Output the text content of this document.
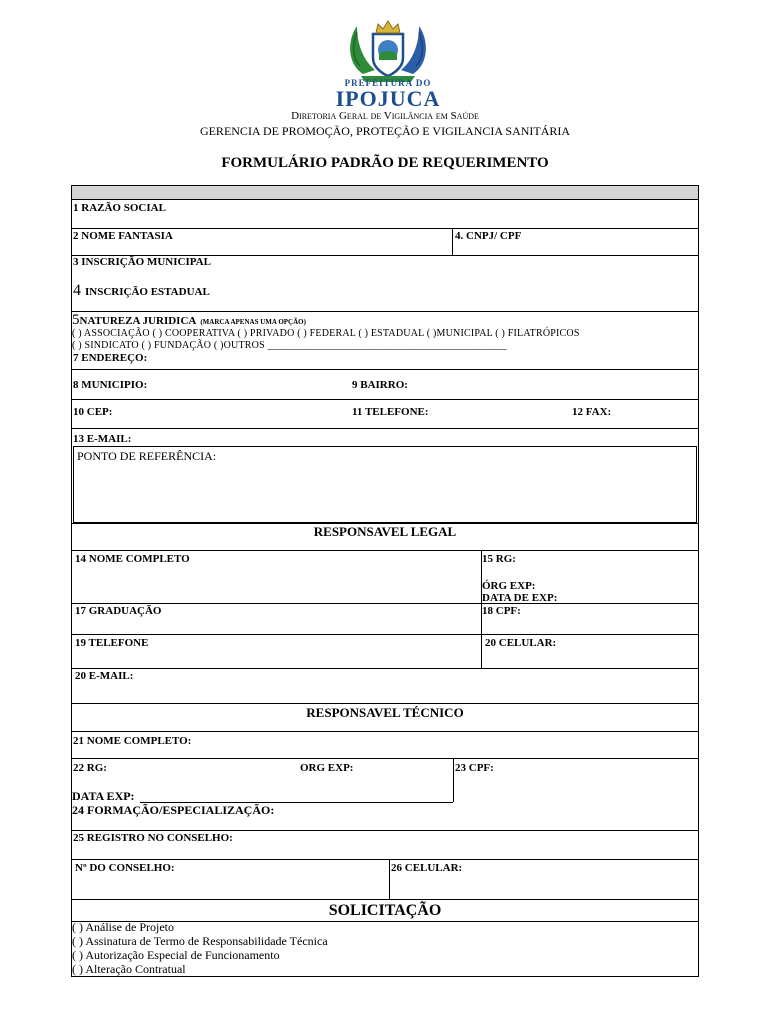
PREFEITURA DO
IPOJUCA
Diretoria Geral de Vigilância em Saúde
GERENCIA DE PROMOÇÃO, PROTEÇÃO E VIGILANCIA SANITÁRIA
FORMULÁRIO PADRÃO DE REQUERIMENTO
1 RAZÃO SOCIAL
2 NOME FANTASIA	4. CNPJ/ CPF
3 INSCRIÇÃO MUNICIPAL
4 INSCRIÇÃO ESTADUAL
5NATUREZA JURIDICA (MARCA APENAS UMA OPÇÃO)
( ) ASSOCIAÇÃO ( ) COOPERATIVA ( ) PRIVADO ( ) FEDERAL ( ) ESTADUAL ( )MUNICIPAL ( ) FILATRÓPICOS
( ) SINDICATO ( ) FUNDAÇÃO ( )OUTROS ______________________________________________
7 ENDEREÇO:
8 MUNICIPIO:	9 BAIRRO:
10 CEP:	11 TELEFONE:	12 FAX:
13 E-MAIL:
PONTO DE REFERÊNCIA:
RESPONSAVEL LEGAL
14 NOME COMPLETO	15 RG:
ÓRG EXP:
DATA DE EXP:
17 GRADUAÇÃO	18 CPF:
19 TELEFONE	20 CELULAR:
20 E-MAIL:
RESPONSAVEL TÉCNICO
21 NOME COMPLETO:
22 RG:	ORG EXP:	23 CPF:
DATA EXP:
24 FORMAÇÃO/ESPECIALIZAÇÃO:
25 REGISTRO NO CONSELHO:
Nº DO CONSELHO:	26 CELULAR:
SOLICITAÇÃO
( ) Análise de Projeto
( ) Assinatura de Termo de Responsabilidade Técnica
( ) Autorização Especial de Funcionamento
( ) Alteração Contratual
